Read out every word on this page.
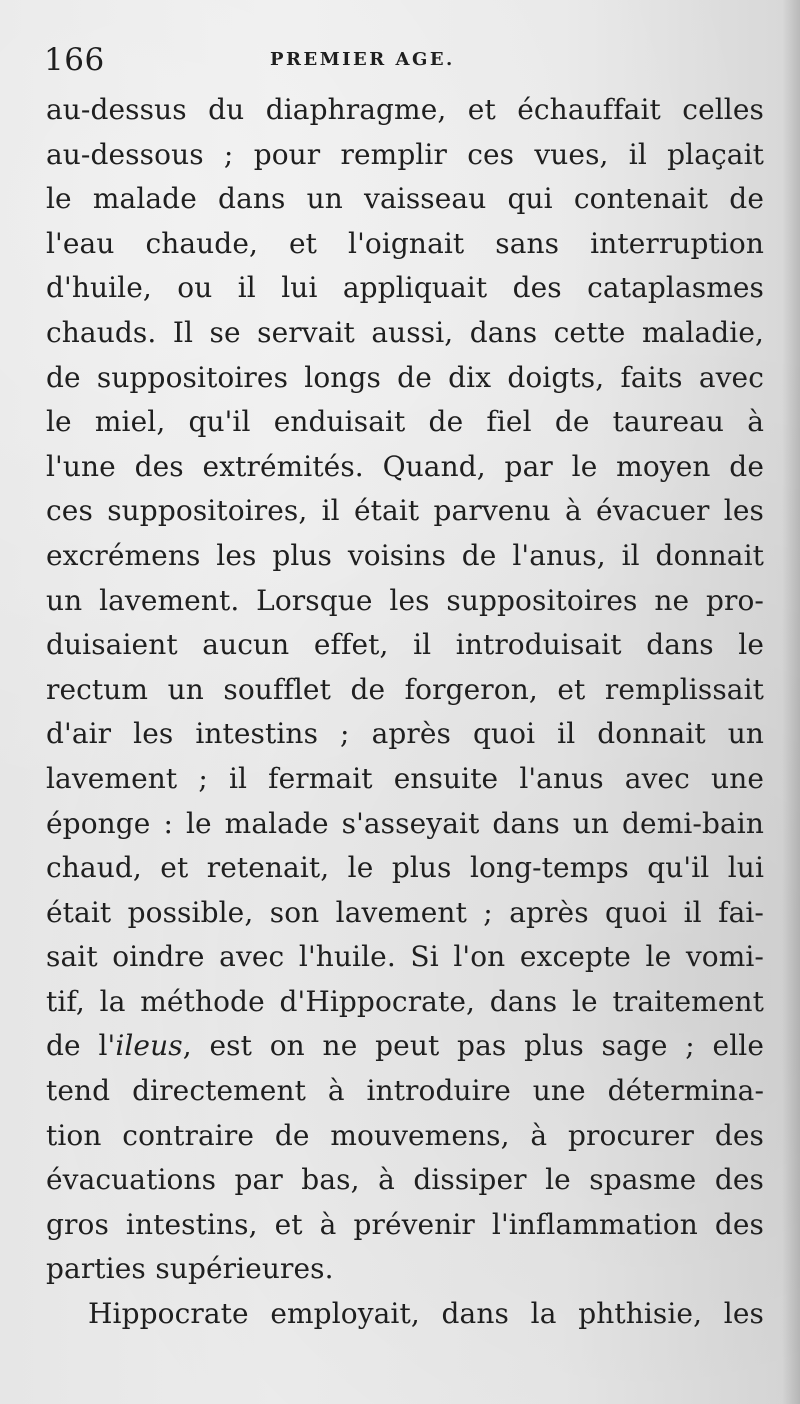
166	PREMIER AGE.

au-dessus du diaphragme, et échauffait celles

au-dessous ; pour remplir ces vues, il plaçait

le malade dans un vaisseau qui contenait de

l'eau chaude, et l'oignait sans interruption

d'huile, ou il lui appliquait des cataplasmes

chauds. Il se servait aussi, dans cette maladie,

de suppositoires longs de dix doigts, faits avec

le miel, qu'il enduisait de fiel de taureau à

l'une des extrémités. Quand, par le moyen de

ces suppositoires, il était parvenu à évacuer les

excrémens les plus voisins de l'anus, il donnait

un lavement. Lorsque les suppositoires ne pro-

duisaient aucun effet, il introduisait dans le

rectum un soufflet de forgeron, et remplissait

d'air les intestins ; après quoi il donnait un

lavement ; il fermait ensuite l'anus avec une

éponge : le malade s'asseyait dans un demi-bain

chaud, et retenait, le plus long-temps qu'il lui

était possible, son lavement ; après quoi il fai-

sait oindre avec l'huile. Si l'on excepte le vomi-

tif, la méthode d'Hippocrate, dans le traitement

de l'ileus, est on ne peut pas plus sage ; elle

tend directement à introduire une détermina-

tion contraire de mouvemens, à procurer des

évacuations par bas, à dissiper le spasme des

gros intestins, et à prévenir l'inflammation des

parties supérieures.

Hippocrate employait, dans la phthisie, les
